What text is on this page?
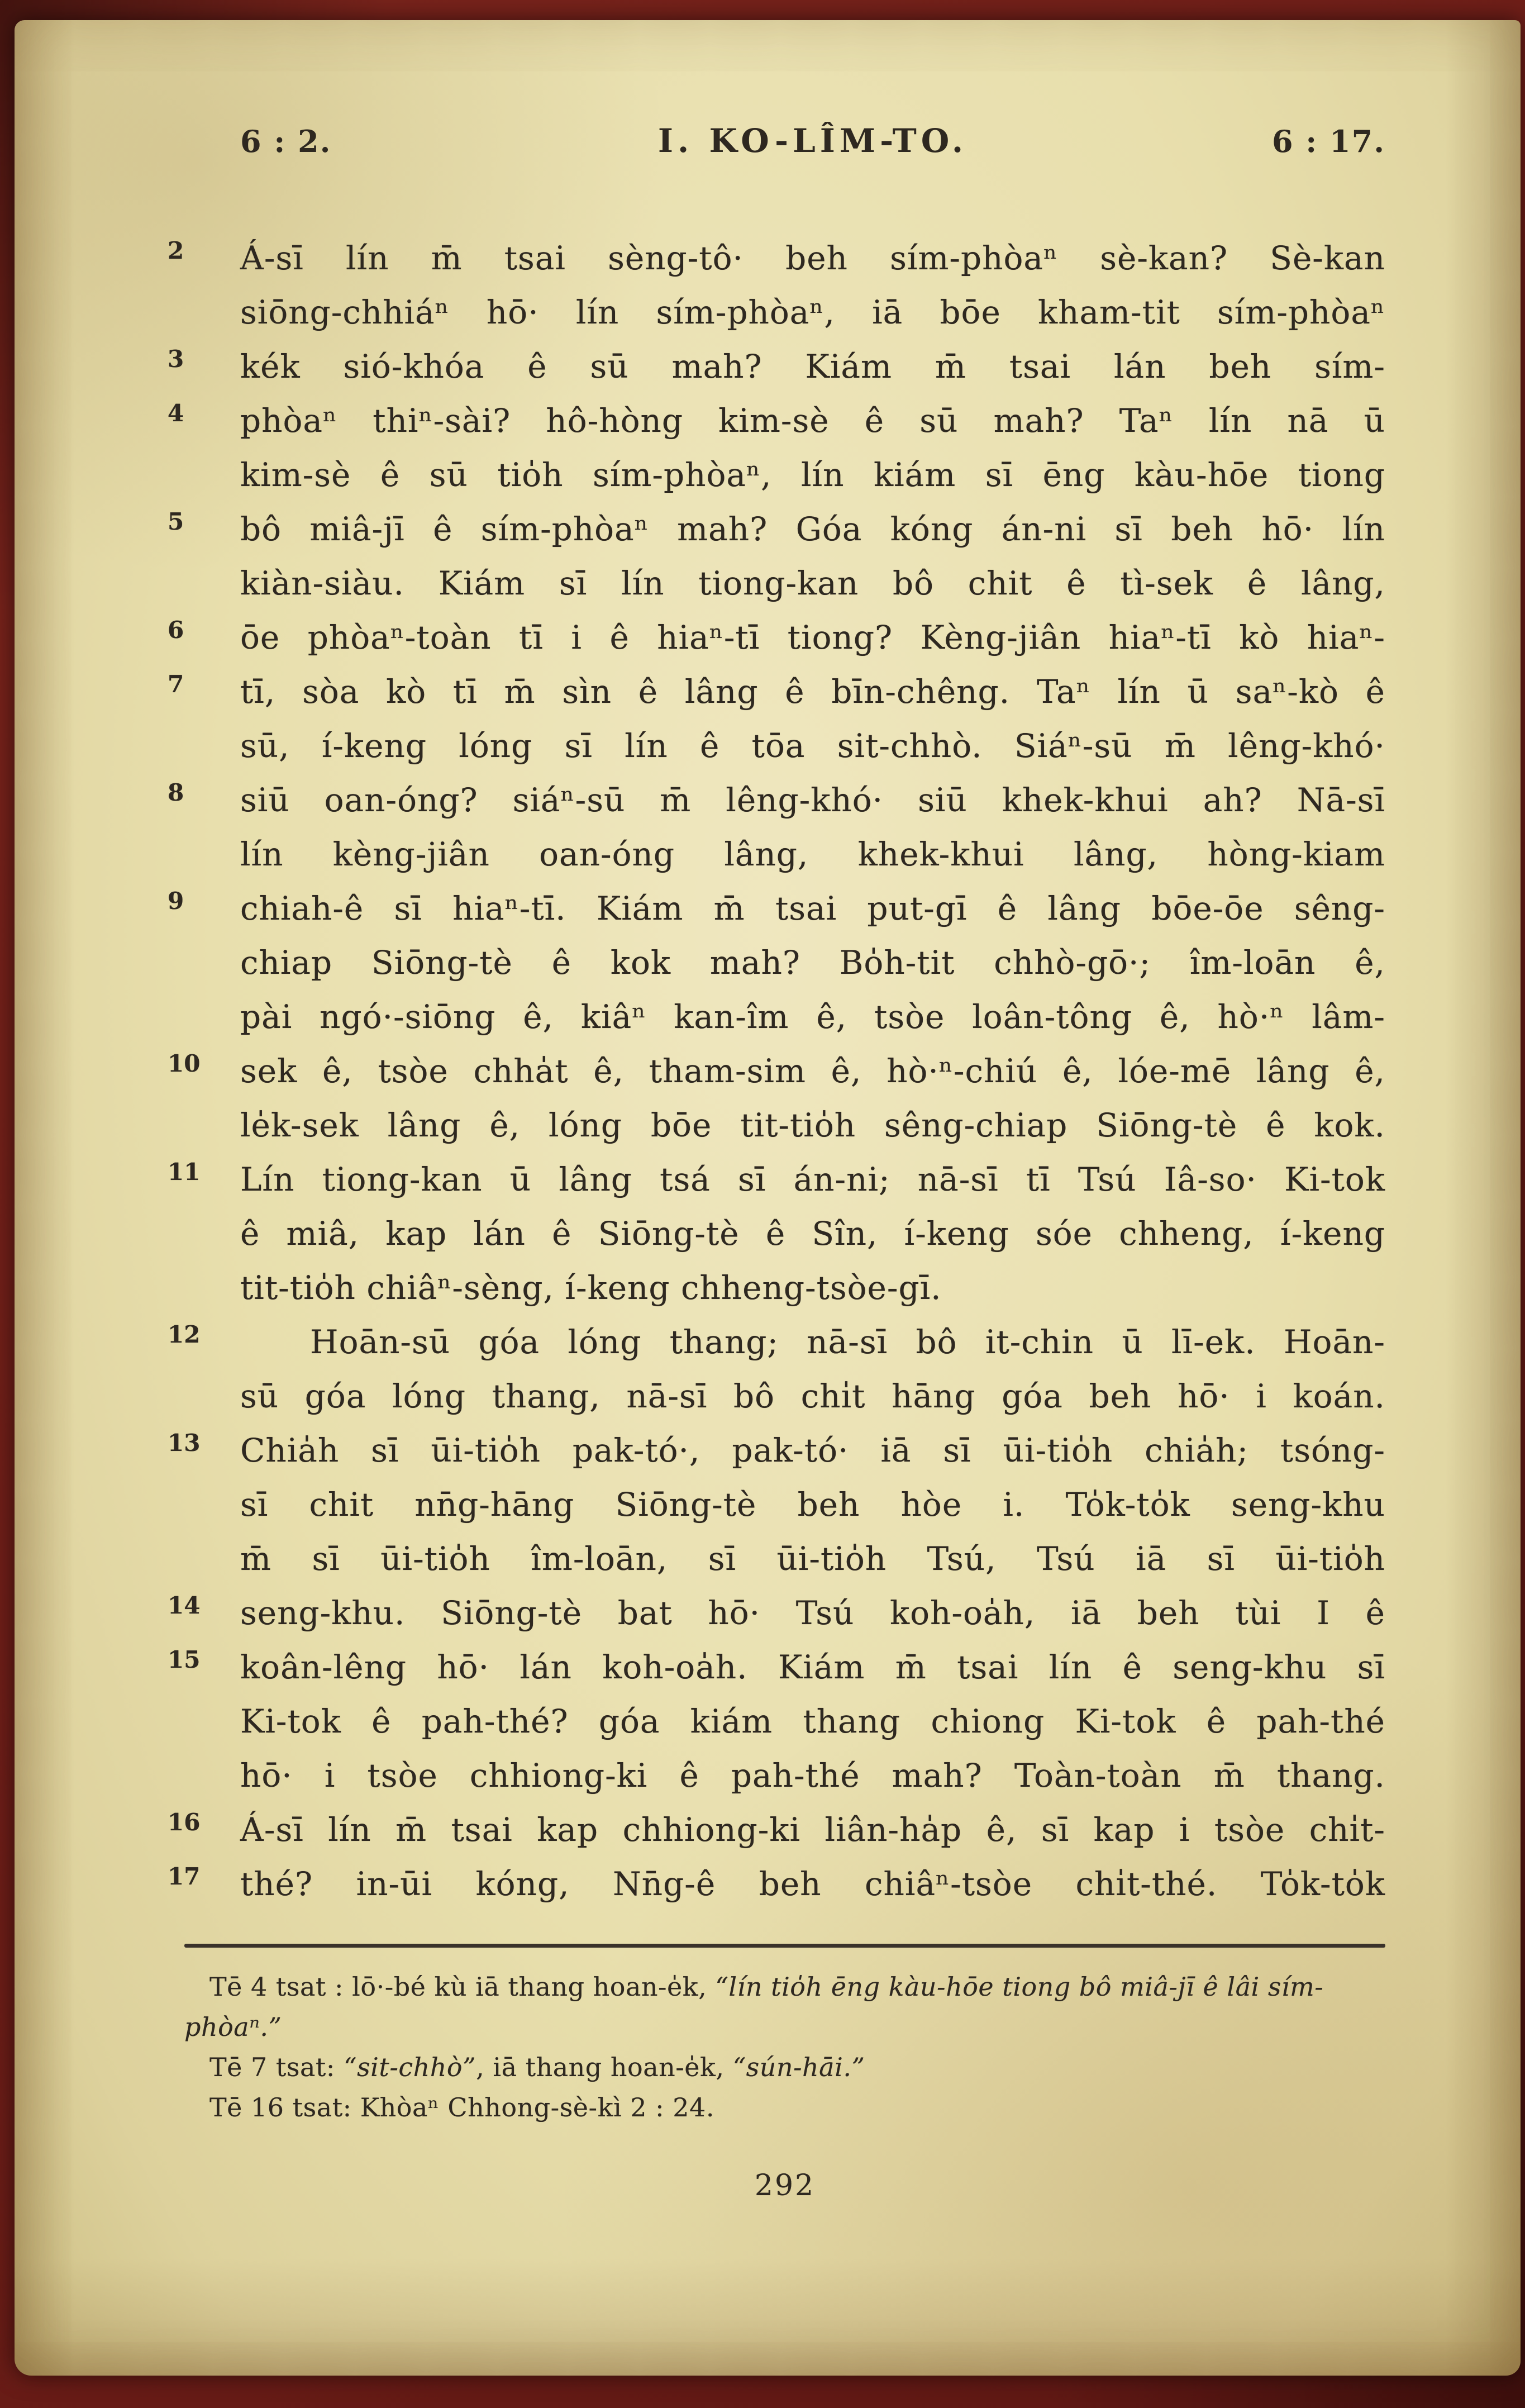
6 : 2.	I. KO-LÎM-TO.	6 : 17.
2	Á-sī lín m̄ tsai sèng-tô· beh sím-phòaⁿ sè-kan? Sè-kan
siōng-chhiáⁿ hō· lín sím-phòaⁿ, iā bōe kham-tit sím-phòaⁿ
3	kék sió-khóa ê sū mah? Kiám m̄ tsai lán beh sím-
4	phòaⁿ thiⁿ-sài? hô-hòng kim-sè ê sū mah? Taⁿ lín nā ū
kim-sè ê sū tio̍h sím-phòaⁿ, lín kiám sī ēng kàu-hōe tiong
5	bô miâ-jī ê sím-phòaⁿ mah? Góa kóng án-ni sī beh hō· lín
kiàn-siàu. Kiám sī lín tiong-kan bô chit ê tì-sek ê lâng,
6	ōe phòaⁿ-toàn tī i ê hiaⁿ-tī tiong? Kèng-jiân hiaⁿ-tī kò hiaⁿ-
7	tī, sòa kò tī m̄ sìn ê lâng ê bīn-chêng. Taⁿ lín ū saⁿ-kò ê
sū, í-keng lóng sī lín ê tōa sit-chhò. Siáⁿ-sū m̄ lêng-khó·
8	siū oan-óng? siáⁿ-sū m̄ lêng-khó· siū khek-khui ah? Nā-sī
lín kèng-jiân oan-óng lâng, khek-khui lâng, hòng-kiam
9	chiah-ê sī hiaⁿ-tī. Kiám m̄ tsai put-gī ê lâng bōe-ōe sêng-
chiap Siōng-tè ê kok mah? Bo̍h-tit chhò-gō·; îm-loān ê,
pài ngó·-siōng ê, kiâⁿ kan-îm ê, tsòe loân-tông ê, hò·ⁿ lâm-
10	sek ê, tsòe chha̍t ê, tham-sim ê, hò·ⁿ-chiú ê, lóe-mē lâng ê,
le̍k-sek lâng ê, lóng bōe tit-tio̍h sêng-chiap Siōng-tè ê kok.
11	Lín tiong-kan ū lâng tsá sī án-ni; nā-sī tī Tsú Iâ-so· Ki-tok
ê miâ, kap lán ê Siōng-tè ê Sîn, í-keng sóe chheng, í-keng
tit-tio̍h chiâⁿ-sèng, í-keng chheng-tsòe-gī.
12	Hoān-sū góa lóng thang; nā-sī bô it-chin ū lī-ek. Hoān-
sū góa lóng thang, nā-sī bô chi̍t hāng góa beh hō· i koán.
13	Chia̍h sī ūi-tio̍h pak-tó·, pak-tó· iā sī ūi-tio̍h chia̍h; tsóng-
sī chit nn̄g-hāng Siōng-tè beh hòe i. To̍k-to̍k seng-khu
m̄ sī ūi-tio̍h îm-loān, sī ūi-tio̍h Tsú, Tsú iā sī ūi-tio̍h
14	seng-khu. Siōng-tè bat hō· Tsú koh-oa̍h, iā beh tùi I ê
15	koân-lêng hō· lán koh-oa̍h. Kiám m̄ tsai lín ê seng-khu sī
Ki-tok ê pah-thé? góa kiám thang chiong Ki-tok ê pah-thé
hō· i tsòe chhiong-ki ê pah-thé mah? Toàn-toàn m̄ thang.
16	Á-sī lín m̄ tsai kap chhiong-ki liân-ha̍p ê, sī kap i tsòe chi̍t-
17	thé? in-ūi kóng, Nn̄g-ê beh chiâⁿ-tsòe chi̍t-thé. To̍k-to̍k
Tē 4 tsat : lō·-bé kù iā thang hoan-e̍k, “lín tio̍h ēng kàu-hōe tiong bô miâ-jī ê lâi sím-phòaⁿ.”
Tē 7 tsat: “sit-chhò”, iā thang hoan-e̍k, “sún-hāi.”
Tē 16 tsat: Khòaⁿ Chhong-sè-kì 2 : 24.
292
